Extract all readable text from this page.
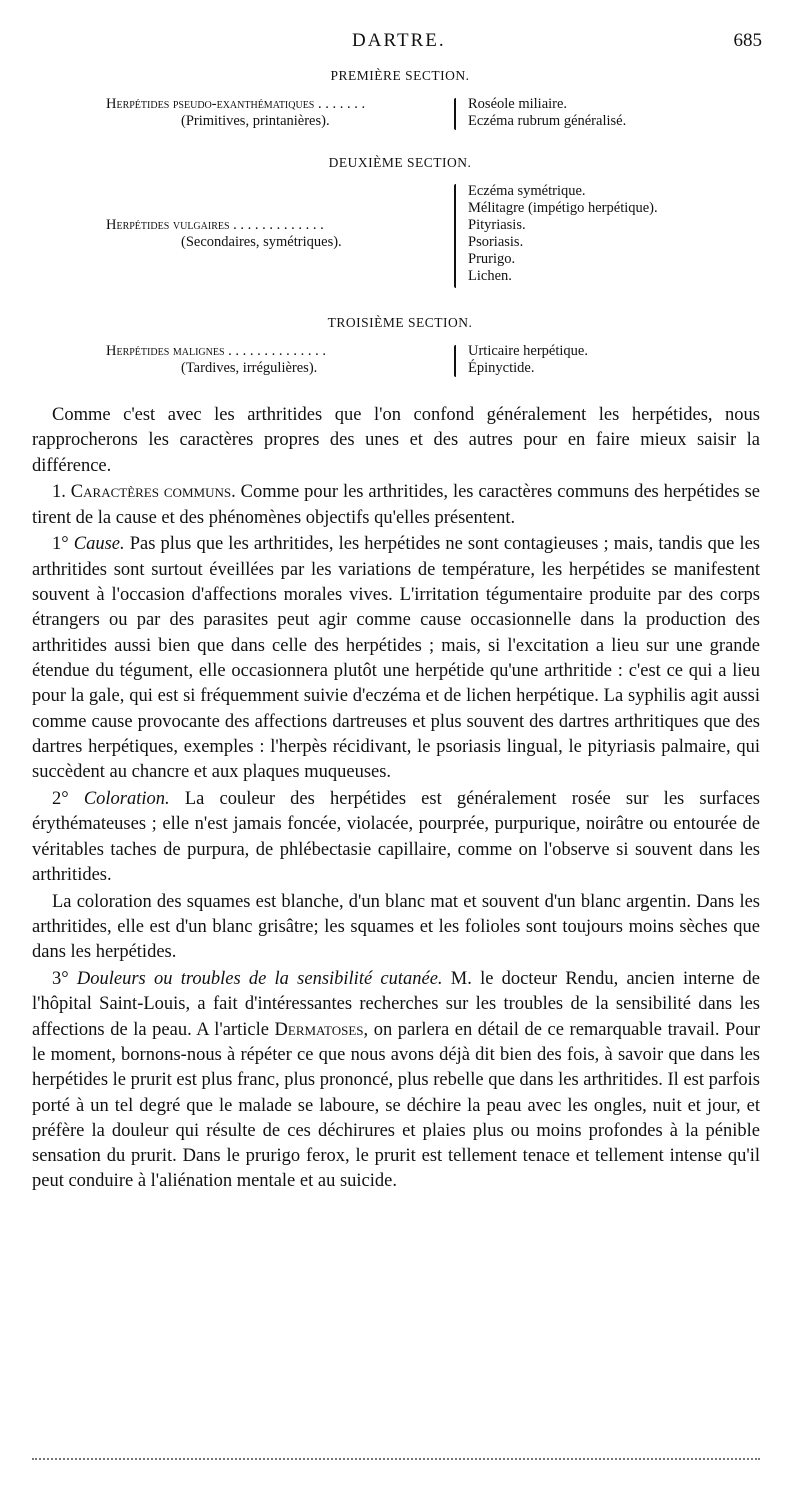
DARTRE.	685
PREMIÈRE SECTION.
Herpétides pseudo-exanthématiques . . . . . . .
(Primitives, printanières).
Roséole miliaire.
Eczéma rubrum généralisé.
DEUXIÈME SECTION.
Herpétides vulgaires . . . . . . . . . . . . .
(Secondaires, symétriques).
Eczéma symétrique.
Mélitagre (impétigo herpétique).
Pityriasis.
Psoriasis.
Prurigo.
Lichen.
TROISIÈME SECTION.
Herpétides malignes . . . . . . . . . . . . . .
(Tardives, irrégulières).
Urticaire herpétique.
Épinyctide.

Comme c'est avec les arthritides que l'on confond généralement les herpétides, nous rapprocherons les caractères propres des unes et des autres pour en faire mieux saisir la différence.

1. Caractères communs. Comme pour les arthritides, les caractères communs des herpétides se tirent de la cause et des phénomènes objectifs qu'elles présentent.

1° Cause. Pas plus que les arthritides, les herpétides ne sont contagieuses ; mais, tandis que les arthritides sont surtout éveillées par les variations de température, les herpétides se manifestent souvent à l'occasion d'affections morales vives. L'irritation tégumentaire produite par des corps étrangers ou par des parasites peut agir comme cause occasionnelle dans la production des arthritides aussi bien que dans celle des herpétides ; mais, si l'excitation a lieu sur une grande étendue du tégument, elle occasionnera plutôt une herpétide qu'une arthritide : c'est ce qui a lieu pour la gale, qui est si fréquemment suivie d'eczéma et de lichen herpétique. La syphilis agit aussi comme cause provocante des affections dartreuses et plus souvent des dartres arthritiques que des dartres herpétiques, exemples : l'herpès récidivant, le psoriasis lingual, le pityriasis palmaire, qui succèdent au chancre et aux plaques muqueuses.

2° Coloration. La couleur des herpétides est généralement rosée sur les surfaces érythémateuses ; elle n'est jamais foncée, violacée, pourprée, purpurique, noirâtre ou entourée de véritables taches de purpura, de phlébectasie capillaire, comme on l'observe si souvent dans les arthritides.

La coloration des squames est blanche, d'un blanc mat et souvent d'un blanc argentin. Dans les arthritides, elle est d'un blanc grisâtre; les squames et les folioles sont toujours moins sèches que dans les herpétides.

3° Douleurs ou troubles de la sensibilité cutanée. M. le docteur Rendu, ancien interne de l'hôpital Saint-Louis, a fait d'intéressantes recherches sur les troubles de la sensibilité dans les affections de la peau. A l'article Dermatoses, on parlera en détail de ce remarquable travail. Pour le moment, bornons-nous à répéter ce que nous avons déjà dit bien des fois, à savoir que dans les herpétides le prurit est plus franc, plus prononcé, plus rebelle que dans les arthritides. Il est parfois porté à un tel degré que le malade se laboure, se déchire la peau avec les ongles, nuit et jour, et préfère la douleur qui résulte de ces déchirures et plaies plus ou moins profondes à la pénible sensation du prurit. Dans le prurigo ferox, le prurit est tellement tenace et tellement intense qu'il peut conduire à l'aliénation mentale et au suicide.
